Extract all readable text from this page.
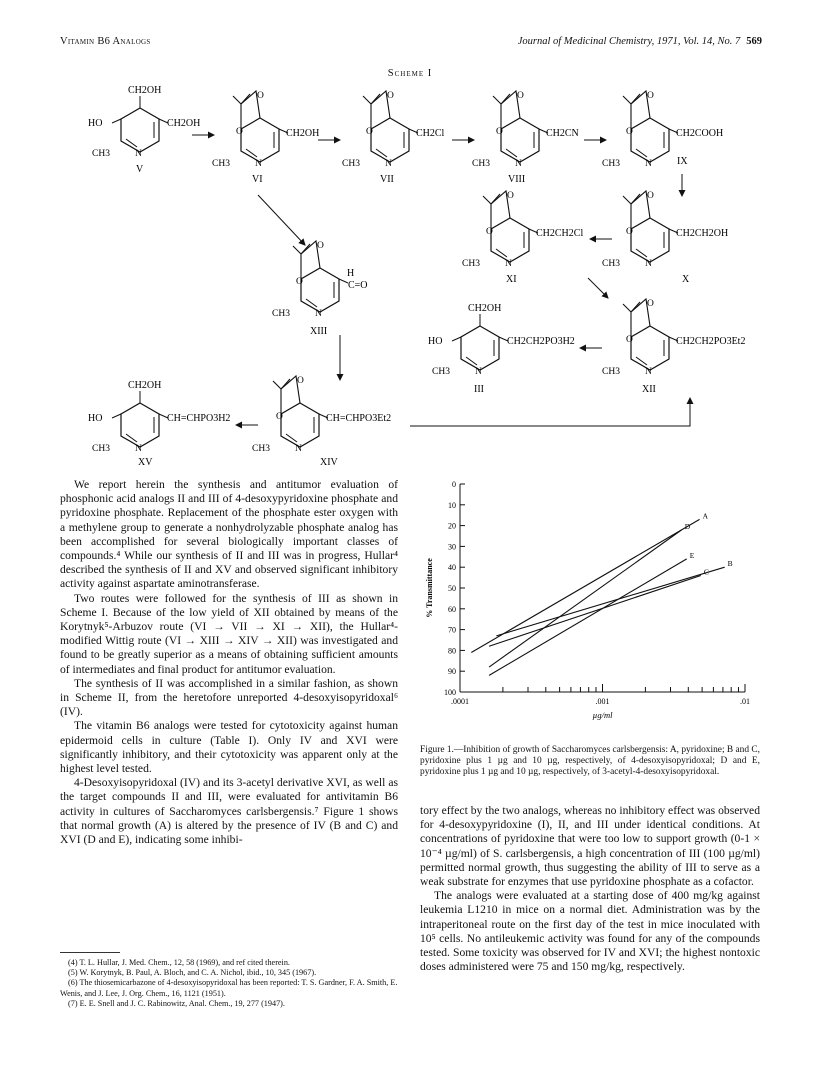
Vitamin B6 Analogs	Journal of Medicinal Chemistry, 1971, Vol. 14, No. 7 569
Scheme I
CH2OH
HO	CH2OH
CH3	N
V
O
O
CH2OH
CH3	N
VI
O
O
CH2Cl
CH3	N
VII
O
O
CH2CN
CH3	N
VIII
O
O
CH2COOH
CH3	N	IX
O
O
CH2CH2OH
CH3	N
X
O
O
CH2CH2Cl
CH3	N
XI
O
O
CH2CH2PO3Et2
CH3	N
XII
CH2OH
HO	CH2CH2PO3H2
CH3	N
III
O
O
H
C=O
CH3	N
XIII
O
O
CH=CHPO3Et2
CH3	N
XIV
CH2OH
HO	CH=CHPO3H2
CH3	N
XV

We report herein the synthesis and antitumor evaluation of phosphonic acid analogs II and III of 4-desoxypyridoxine phosphate and pyridoxine phosphate. Replacement of the phosphate ester oxygen with a methylene group to generate a nonhydrolyzable phosphate analog has been accomplished for several biologically important classes of compounds.⁴ While our synthesis of II and III was in progress, Hullar⁴ described the synthesis of II and XV and observed significant inhibitory activity against aspartate aminotransferase.

Two routes were followed for the synthesis of III as shown in Scheme I. Because of the low yield of XII obtained by means of the Korytnyk⁵-Arbuzov route (VI → VII → XI → XII), the Hullar⁴-modified Wittig route (VI → XIII → XIV → XII) was investigated and found to be greatly superior as a means of obtaining sufficient amounts of intermediates and final product for antitumor evaluation.

The synthesis of II was accomplished in a similar fashion, as shown in Scheme II, from the heretofore unreported 4-desoxyisopyridoxal⁶ (IV).

The vitamin B6 analogs were tested for cytotoxicity against human epidermoid cells in culture (Table I). Only IV and XVI were significantly inhibitory, and their cytotoxicity was apparent only at the highest level tested.

4-Desoxyisopyridoxal (IV) and its 3-acetyl derivative XVI, as well as the target compounds II and III, were evaluated for antivitamin B6 activity in cultures of Saccharomyces carlsbergensis.⁷ Figure 1 shows that normal growth (A) is altered by the presence of IV (B and C) and XVI (D and E), indicating some inhibi-

(4) T. L. Hullar, J. Med. Chem., 12, 58 (1969), and ref cited therein.

(5) W. Korytnyk, B. Paul, A. Bloch, and C. A. Nichol, ibid., 10, 345 (1967).

(6) The thiosemicarbazone of 4-desoxyisopyridoxal has been reported: T. S. Gardner, F. A. Smith, E. Wenis, and J. Lee, J. Org. Chem., 16, 1121 (1951).

(7) E. E. Snell and J. C. Rabinowitz, Anal. Chem., 19, 277 (1947).

0
10
20
30
40
50
60
70
80
90
100
.0001	.001	.01
µg/ml
% Transmittance
A
B
C
D
E
Figure 1.—Inhibition of growth of Saccharomyces carlsbergensis: A, pyridoxine; B and C, pyridoxine plus 1 µg and 10 µg, respectively, of 4-desoxyisopyridoxal; D and E, pyridoxine plus 1 µg and 10 µg, respectively, of 3-acetyl-4-desoxyisopyridoxal.

tory effect by the two analogs, whereas no inhibitory effect was observed for 4-desoxypyridoxine (I), II, and III under identical conditions. At concentrations of pyridoxine that were too low to support growth (0-1 × 10⁻⁴ µg/ml) of S. carlsbergensis, a high concentration of III (100 µg/ml) permitted normal growth, thus suggesting the ability of III to serve as a weak substrate for enzymes that use pyridoxine phosphate as a cofactor.

The analogs were evaluated at a starting dose of 400 mg/kg against leukemia L1210 in mice on a normal diet. Administration was by the intraperitoneal route on the first day of the test in mice inoculated with 10⁵ cells. No antileukemic activity was found for any of the compounds tested. Some toxicity was observed for IV and XVI; the highest nontoxic doses administered were 75 and 150 mg/kg, respectively.
